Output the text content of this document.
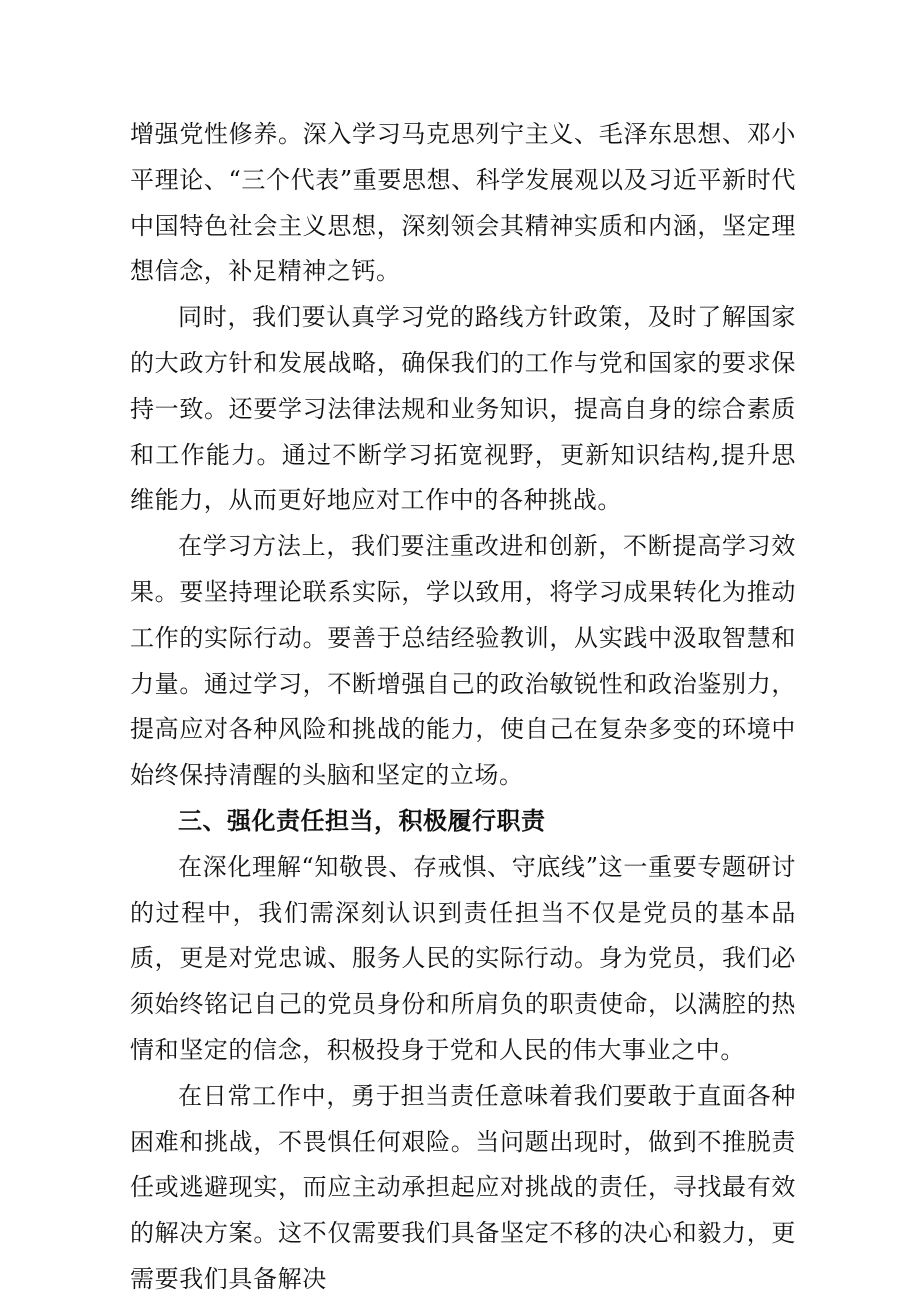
增强党性修养。深入学习马克思列宁主义、毛泽东思想、邓小平理论、“三个代表”重要思想、科学发展观以及习近平新时代中国特色社会主义思想，深刻领会其精神实质和内涵，坚定理想信念，补足精神之钙。

同时，我们要认真学习党的路线方针政策，及时了解国家的大政方针和发展战略，确保我们的工作与党和国家的要求保持一致。还要学习法律法规和业务知识，提高自身的综合素质和工作能力。通过不断学习拓宽视野，更新知识结构,提升思维能力，从而更好地应对工作中的各种挑战。

在学习方法上，我们要注重改进和创新，不断提高学习效果。要坚持理论联系实际，学以致用，将学习成果转化为推动工作的实际行动。要善于总结经验教训，从实践中汲取智慧和力量。通过学习，不断增强自己的政治敏锐性和政治鉴别力，提高应对各种风险和挑战的能力，使自己在复杂多变的环境中始终保持清醒的头脑和坚定的立场。

三、强化责任担当，积极履行职责

在深化理解“知敬畏、存戒惧、守底线”这一重要专题研讨的过程中，我们需深刻认识到责任担当不仅是党员的基本品质，更是对党忠诚、服务人民的实际行动。身为党员，我们必须始终铭记自己的党员身份和所肩负的职责使命，以满腔的热情和坚定的信念，积极投身于党和人民的伟大事业之中。

在日常工作中，勇于担当责任意味着我们要敢于直面各种困难和挑战，不畏惧任何艰险。当问题出现时，做到不推脱责任或逃避现实，而应主动承担起应对挑战的责任，寻找最有效的解决方案。这不仅需要我们具备坚定不移的决心和毅力，更需要我们具备解决
